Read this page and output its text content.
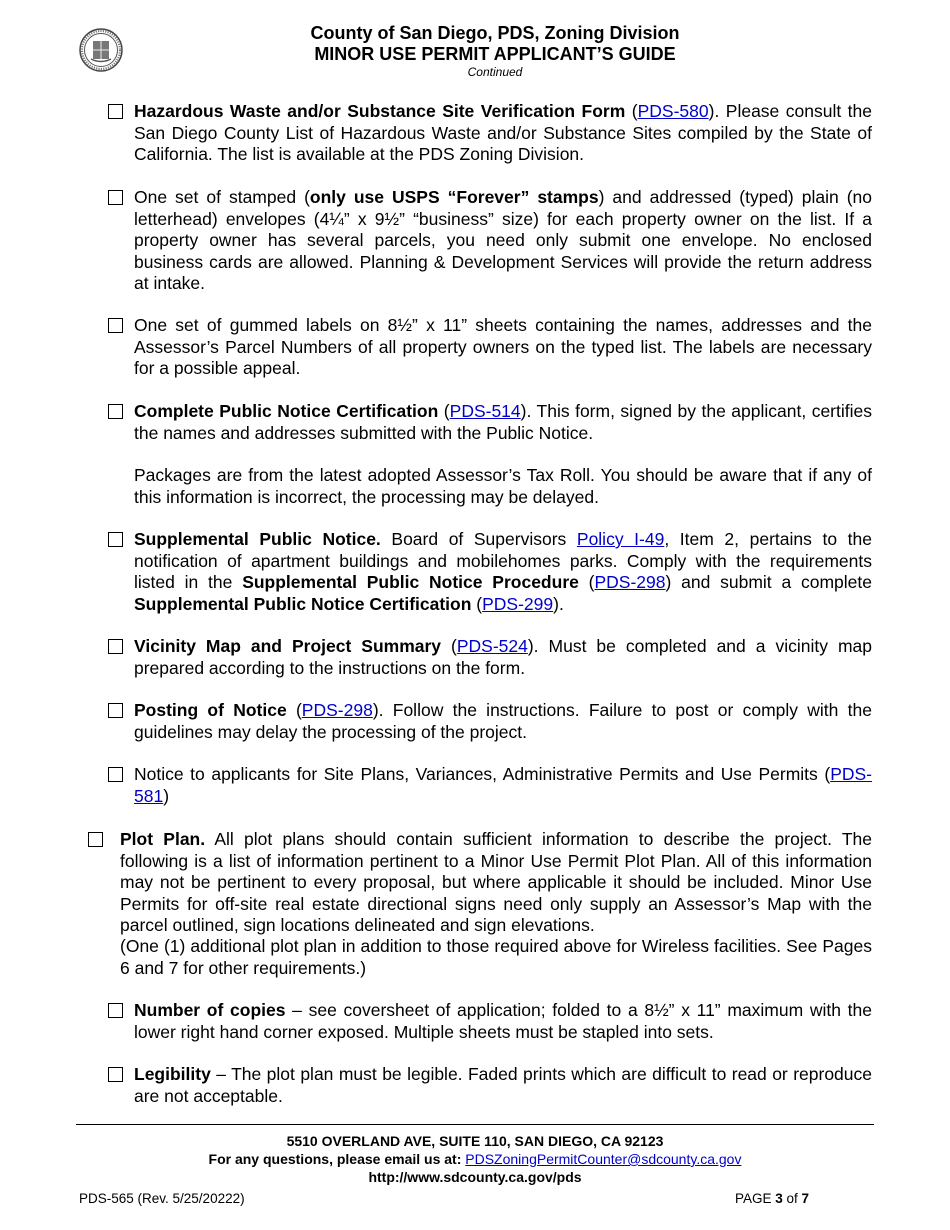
County of San Diego, PDS, Zoning Division
MINOR USE PERMIT APPLICANT’S GUIDE
Continued
Hazardous Waste and/or Substance Site Verification Form (PDS-580). Please consult the San Diego County List of Hazardous Waste and/or Substance Sites compiled by the State of California. The list is available at the PDS Zoning Division.
One set of stamped (only use USPS “Forever” stamps) and addressed (typed) plain (no letterhead) envelopes (4¼” x 9½” “business” size) for each property owner on the list. If a property owner has several parcels, you need only submit one envelope. No enclosed business cards are allowed. Planning & Development Services will provide the return address at intake.
One set of gummed labels on 8½” x 11” sheets containing the names, addresses and the Assessor’s Parcel Numbers of all property owners on the typed list. The labels are necessary for a possible appeal.
Complete Public Notice Certification (PDS-514). This form, signed by the applicant, certifies the names and addresses submitted with the Public Notice.
Packages are from the latest adopted Assessor’s Tax Roll. You should be aware that if any of this information is incorrect, the processing may be delayed.
Supplemental Public Notice. Board of Supervisors Policy I-49, Item 2, pertains to the notification of apartment buildings and mobilehomes parks. Comply with the requirements listed in the Supplemental Public Notice Procedure (PDS-298) and submit a complete Supplemental Public Notice Certification (PDS-299).
Vicinity Map and Project Summary (PDS-524). Must be completed and a vicinity map prepared according to the instructions on the form.
Posting of Notice (PDS-298). Follow the instructions. Failure to post or comply with the guidelines may delay the processing of the project.
Notice to applicants for Site Plans, Variances, Administrative Permits and Use Permits (PDS-581)
Plot Plan. All plot plans should contain sufficient information to describe the project. The following is a list of information pertinent to a Minor Use Permit Plot Plan. All of this information may not be pertinent to every proposal, but where applicable it should be included. Minor Use Permits for off-site real estate directional signs need only supply an Assessor’s Map with the parcel outlined, sign locations delineated and sign elevations.
(One (1) additional plot plan in addition to those required above for Wireless facilities. See Pages 6 and 7 for other requirements.)
Number of copies – see coversheet of application; folded to a 8½” x 11” maximum with the lower right hand corner exposed. Multiple sheets must be stapled into sets.
Legibility – The plot plan must be legible. Faded prints which are difficult to read or reproduce are not acceptable.
5510 OVERLAND AVE, SUITE 110, SAN DIEGO, CA 92123
For any questions, please email us at: PDSZoningPermitCounter@sdcounty.ca.gov
http://www.sdcounty.ca.gov/pds
PDS-565 (Rev. 5/25/20222)	PAGE 3 of 7
